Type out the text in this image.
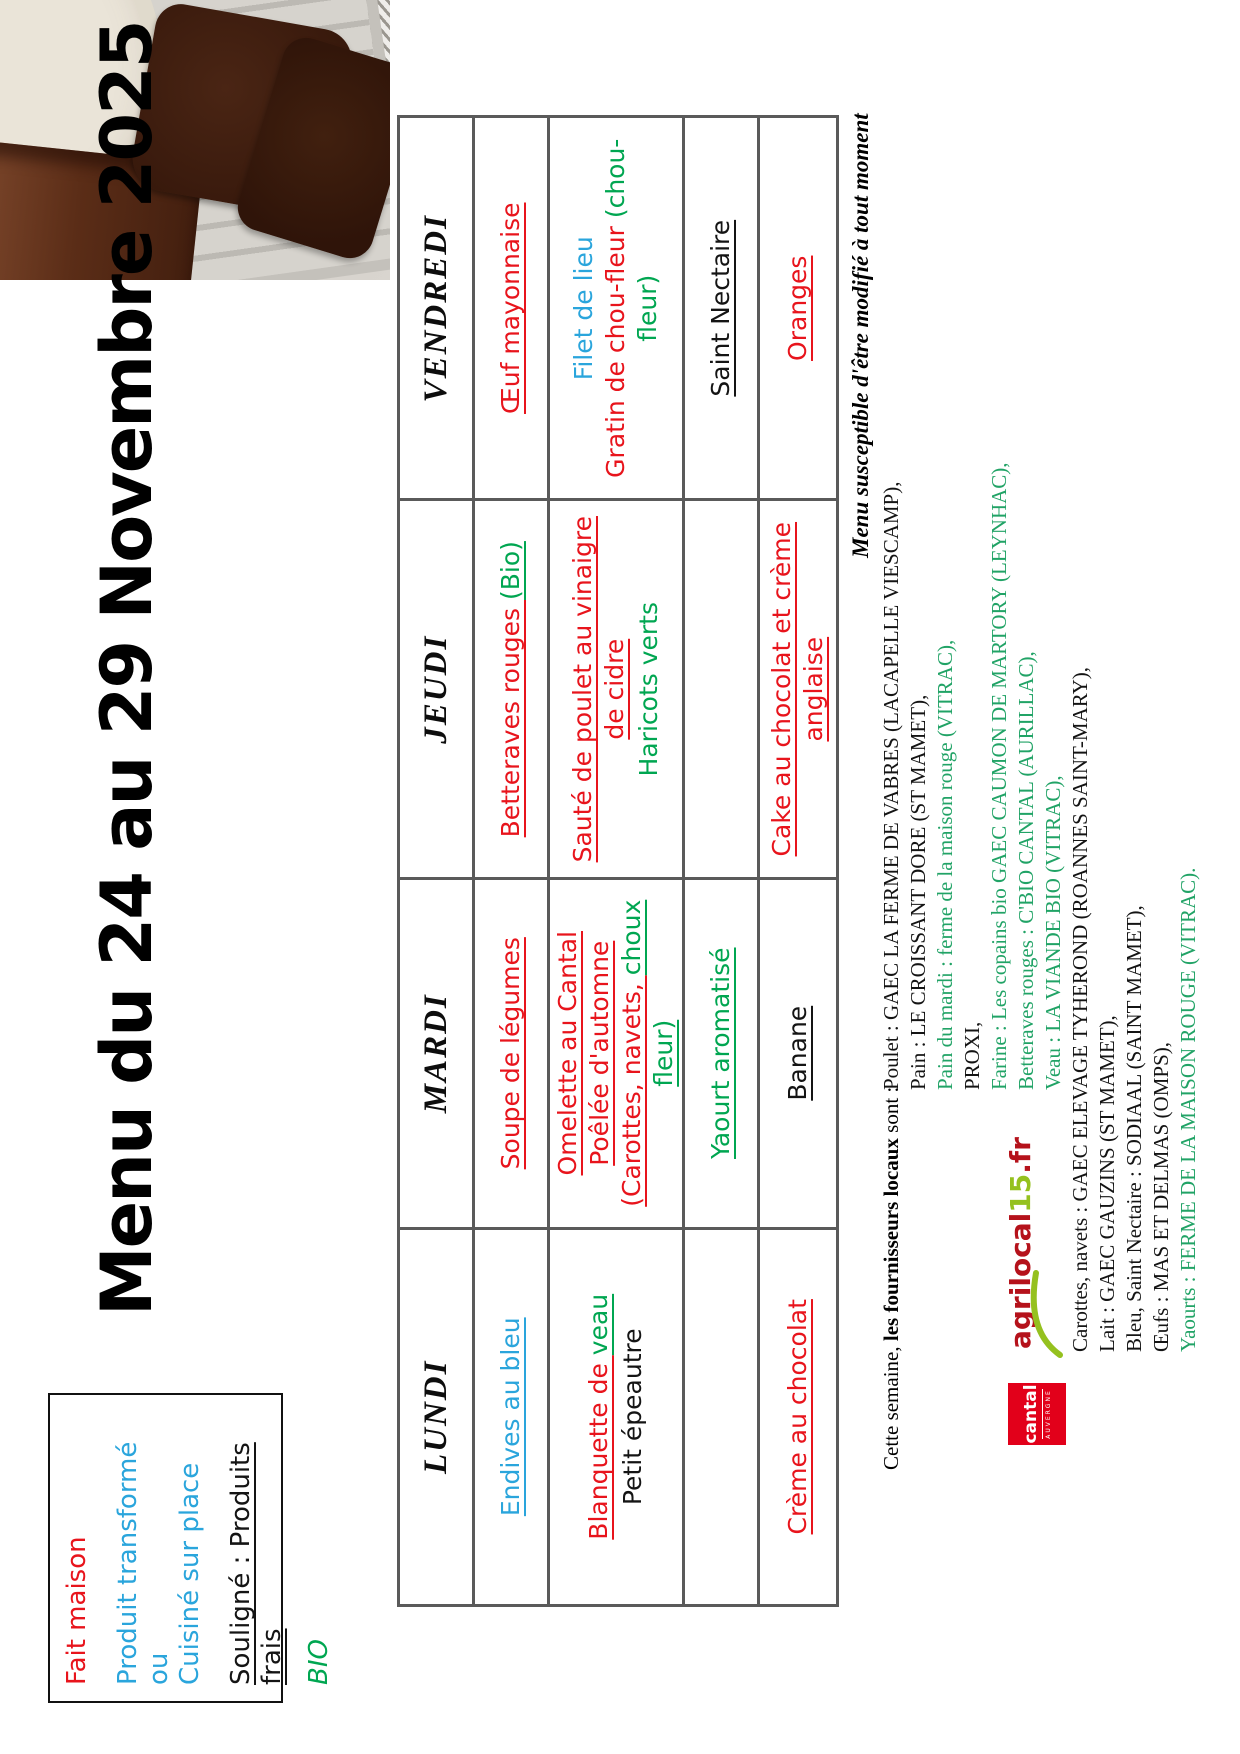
Fait maison Produit transformé ou Cuisiné sur place Souligné : Produits frais BIO
Menu du 24 au 29 Novembre 2025
LUNDI
MARDI
JEUDI
VENDREDI
Endives au bleu
Soupe de légumes
Betteraves rouges (Bio)
Œuf mayonnaise
Blanquette de veau
Petit épeautre
Omelette au Cantal Poêlée d'automne (Carottes, navets, choux fleur)
Sauté de poulet au vinaigre de cidre Haricots verts
Filet de lieu Gratin de chou-fleur (chou-fleur)
Yaourt aromatisé
Saint Nectaire
Crème au chocolat
Banane
Cake au chocolat et crème anglaise
Oranges Menu susceptible d'être modifié à tout moment
Cette semaine, les fournisseurs locaux sont :
Poulet : GAEC LA FERME DE VABRES (LACAPELLE VIESCAMP), Pain : LE CROISSANT DORE (ST MAMET), Pain du mardi : ferme de la maison rouge (VITRAC), PROXI, Farine : Les copains bio GAEC CAUMON DE MARTORY (LEYNHAC), Betteraves rouges : C'BIO CANTAL (AURILLAC), Veau : LA VIANDE BIO (VITRAC), Carottes, navets : GAEC ELEVAGE TYHEROND (ROANNES SAINT-MARY), Lait : GAEC GAUZINS (ST MAMET), Bleu, Saint Nectaire : SODIAAL (SAINT MAMET), Œufs : MAS ET DELMAS (OMPS), Yaourts : FERME DE LA MAISON ROUGE (VITRAC).
cantal AUVERGNE
agrilocal15.fr
